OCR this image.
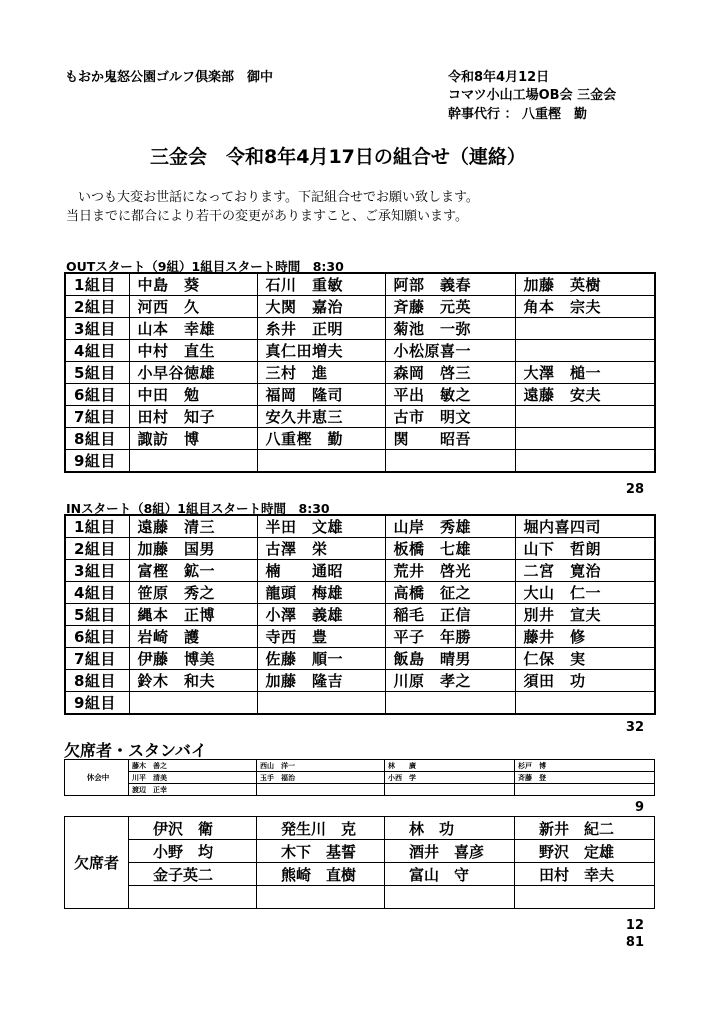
もおか鬼怒公園ゴルフ倶楽部　御中	令和8年4月12日
コマツ小山工場OB会 三金会
幹事代行 ： 八重樫　勤
三金会　令和8年4月17日の組合せ（連絡）
いつも大変お世話になっております。下記組合せでお願い致します。
当日までに都合により若干の変更がありますこと、ご承知願います。
OUTスタート（9組）1組目スタート時間　8:30
1組目	中島　葵	石川　重敏	阿部　義春	加藤　英樹
2組目	河西　久	大関　嘉治	斉藤　元英	角本　宗夫
3組目	山本　幸雄	糸井　正明	菊池　一弥	
4組目	中村　直生	真仁田増夫	小松原喜一	
5組目	小早谷徳雄	三村　進	森岡　啓三	大澤　槌一
6組目	中田　勉	福岡　隆司	平出　敏之	遠藤　安夫
7組目	田村　知子	安久井恵三	古市　明文	
8組目	諏訪　博	八重樫　勤	関　　昭吾	
9組目				
28
INスタート（8組）1組目スタート時間　8:30
1組目	遠藤　清三	半田　文雄	山岸　秀雄	堀内喜四司
2組目	加藤　国男	古澤　栄	板橋　七雄	山下　哲朗
3組目	富樫　鉱一	楠　　通昭	荒井　啓光	二宮　寛治
4組目	笹原　秀之	龍頭　梅雄	高橋　征之	大山　仁一
5組目	縄本　正博	小澤　義雄	稲毛　正信	別井　宣夫
6組目	岩崎　護	寺西　豊	平子　年勝	藤井　修
7組目	伊藤　博美	佐藤　順一	飯島　晴男	仁保　実
8組目	鈴木　和夫	加藤　隆吉	川原　孝之	須田　功
9組目				
32
欠席者・スタンバイ
休会中	藤木　善之	西山　洋一	林　　廣	杉戸　博
	川平　清美	玉手　福治	小西　学	斉藤　登
	渡辺　正幸			
9
欠席者	伊沢　衛	発生川　克	林　功	新井　紀二
	小野　均	木下　基誓	酒井　喜彦	野沢　定雄
	金子英二	熊崎　直樹	富山　守	田村　幸夫

12
81
